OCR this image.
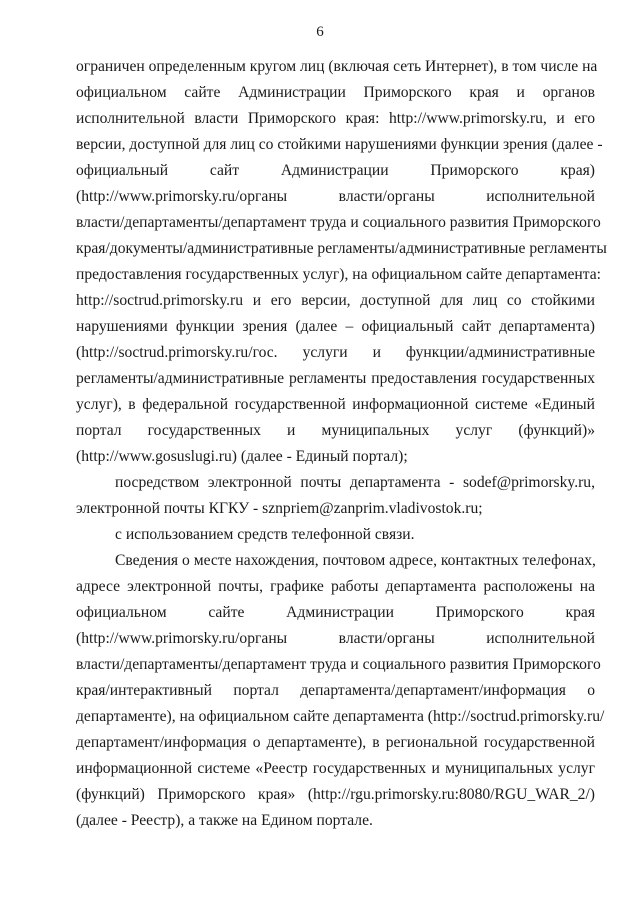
6
ограничен определенным кругом лиц (включая сеть Интернет), в том числе на
официальном сайте Администрации Приморского края и органов
исполнительной власти Приморского края: http://www.primorsky.ru, и его
версии, доступной для лиц со стойкими нарушениями функции зрения (далее -
официальный сайт Администрации Приморского края)
(http://www.primorsky.ru/органы власти/органы исполнительной
власти/департаменты/департамент труда и социального развития Приморского
края/документы/административные регламенты/административные регламенты
предоставления государственных услуг), на официальном сайте департамента:
http://soctrud.primorsky.ru и его версии, доступной для лиц со стойкими
нарушениями функции зрения (далее – официальный сайт департамента)
(http://soctrud.primorsky.ru/гос. услуги и функции/административные
регламенты/административные регламенты предоставления государственных
услуг), в федеральной государственной информационной системе «Единый
портал государственных и муниципальных услуг (функций)»
(http://www.gosuslugi.ru) (далее - Единый портал);
посредством электронной почты департамента - sodef@primorsky.ru,
электронной почты КГКУ - sznpriem@zanprim.vladivostok.ru;
с использованием средств телефонной связи.
Сведения о месте нахождения, почтовом адресе, контактных телефонах,
адресе электронной почты, графике работы департамента расположены на
официальном сайте Администрации Приморского края
(http://www.primorsky.ru/органы власти/органы исполнительной
власти/департаменты/департамент труда и социального развития Приморского
края/интерактивный портал департамента/департамент/информация о
департаменте), на официальном сайте департамента (http://soctrud.primorsky.ru/
департамент/информация о департаменте), в региональной государственной
информационной системе «Реестр государственных и муниципальных услуг
(функций) Приморского края» (http://rgu.primorsky.ru:8080/RGU_WAR_2/)
(далее - Реестр), а также на Едином портале.
